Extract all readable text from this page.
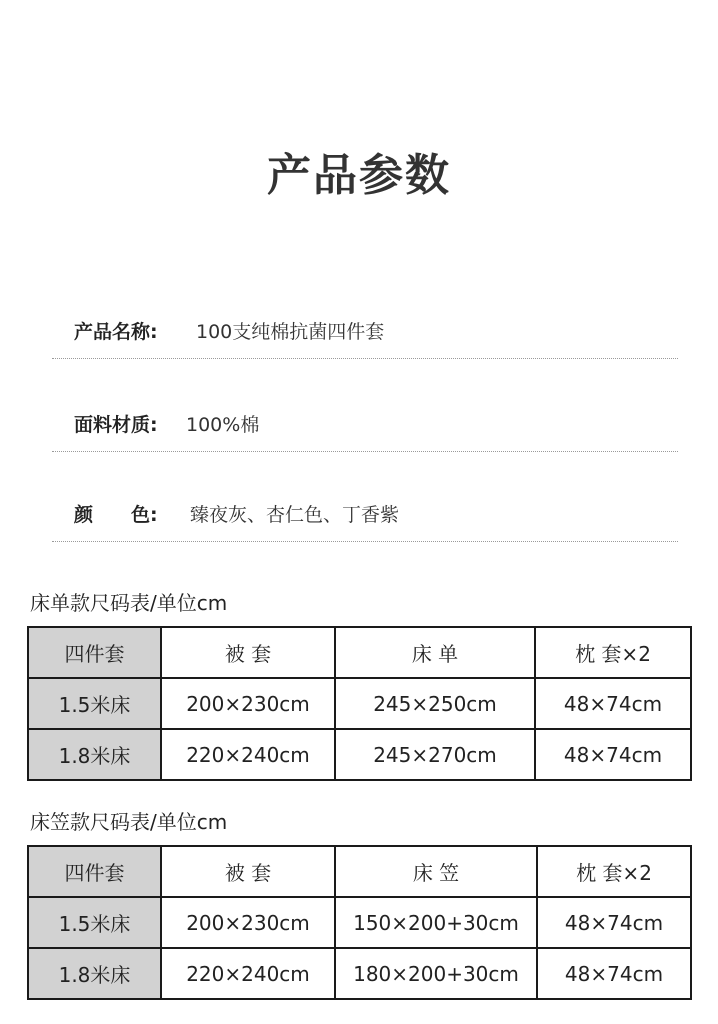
产品参数
产品名称: 100支纯棉抗菌四件套
面料材质: 100%棉
颜　　色: 臻夜灰、杏仁色、丁香紫
床单款尺码表/单位cm
四件套	被 套	床 单	枕 套×2
1.5米床	200×230cm	245×250cm	48×74cm
1.8米床	220×240cm	245×270cm	48×74cm
床笠款尺码表/单位cm
四件套	被 套	床 笠	枕 套×2
1.5米床	200×230cm	150×200+30cm	48×74cm
1.8米床	220×240cm	180×200+30cm	48×74cm
